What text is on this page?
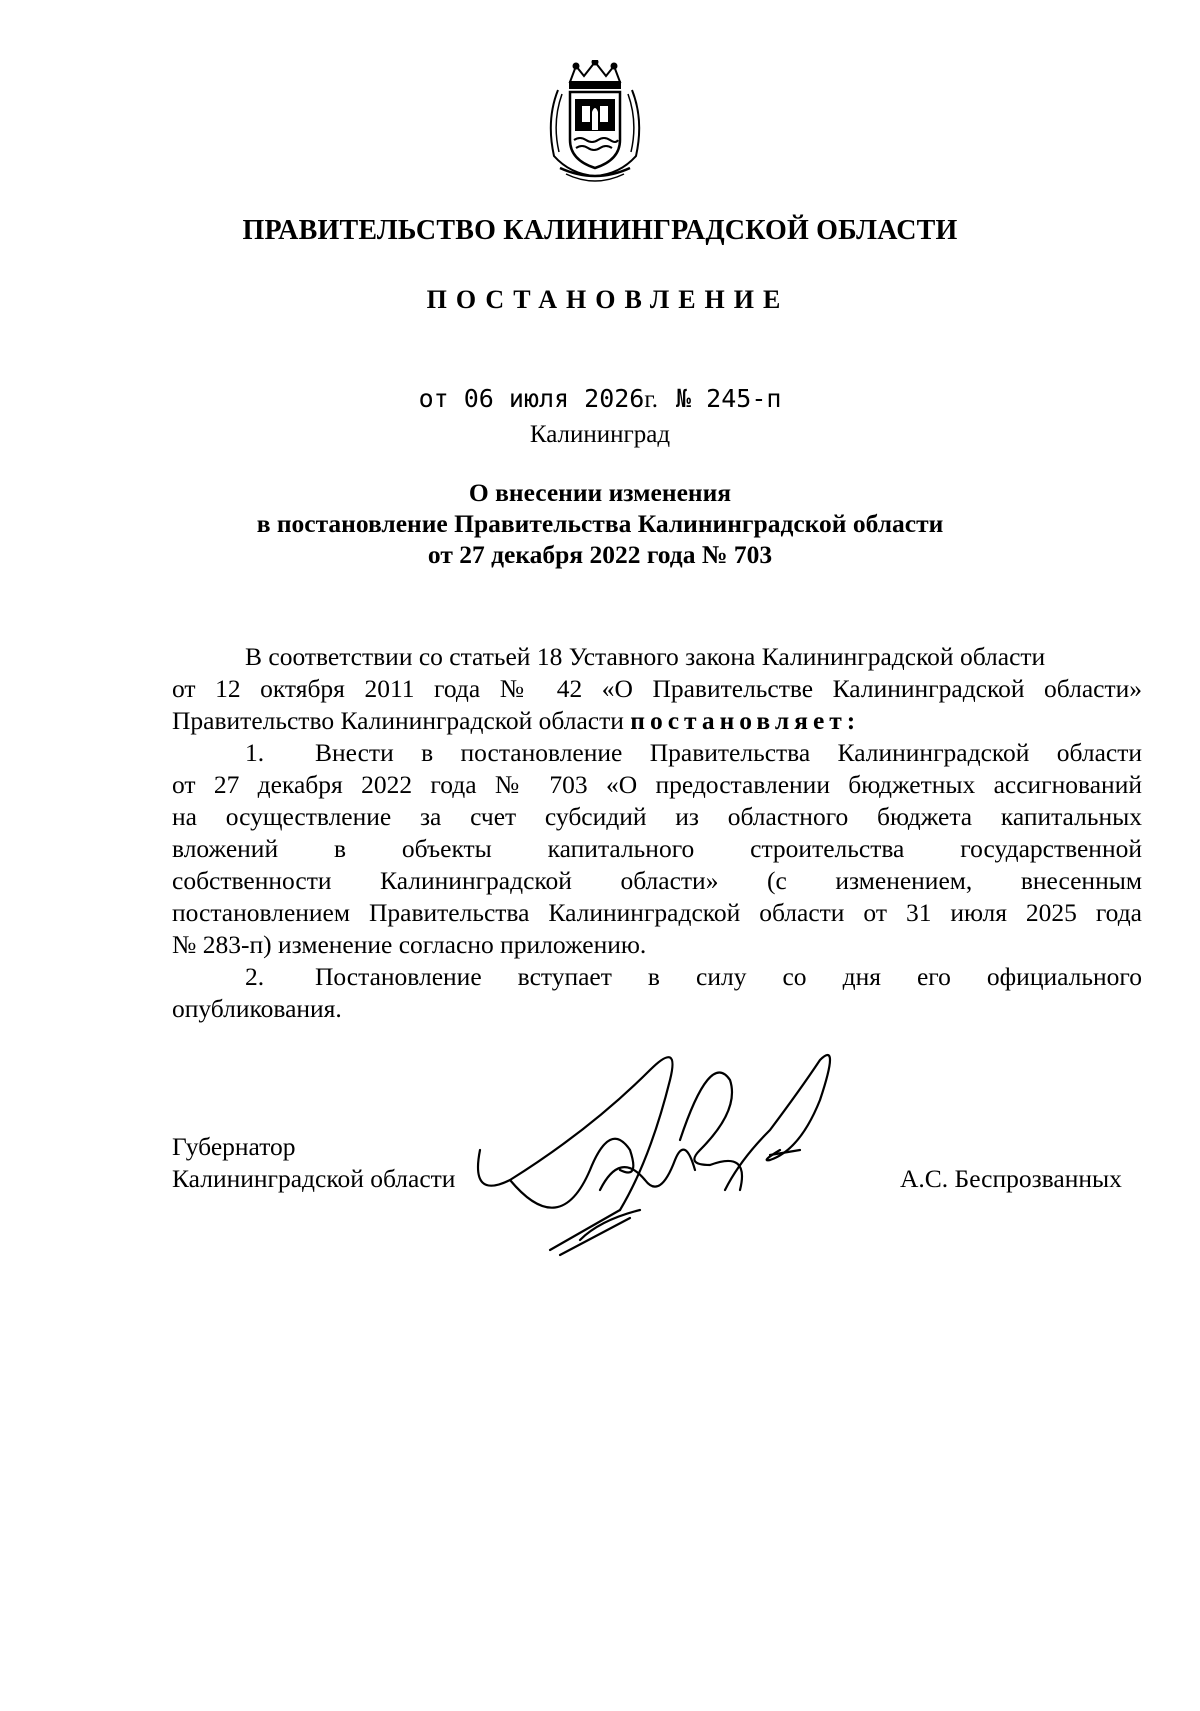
ПРАВИТЕЛЬСТВО КАЛИНИНГРАДСКОЙ ОБЛАСТИ
ПОСТАНОВЛЕНИЕ
от 06 июля 2026г. № 245-п
Калининград
О внесении изменения
в постановление Правительства Калининградской области
от 27 декабря 2022 года № 703
В соответствии со статьей 18 Уставного закона Калининградской области
от 12 октября 2011 года № 42 «О Правительстве Калининградской области»
Правительство Калининградской области постановляет:
1. Внести в постановление Правительства Калининградской области
от 27 декабря 2022 года № 703 «О предоставлении бюджетных ассигнований
на осуществление за счет субсидий из областного бюджета капитальных
вложений в объекты капитального строительства государственной
собственности Калининградской области» (с изменением, внесенным
постановлением Правительства Калининградской области от 31 июля 2025 года
№ 283-п) изменение согласно приложению.
2. Постановление вступает в силу со дня его официального
опубликования.
Губернатор
Калининградской области	А.С. Беспрозванных
